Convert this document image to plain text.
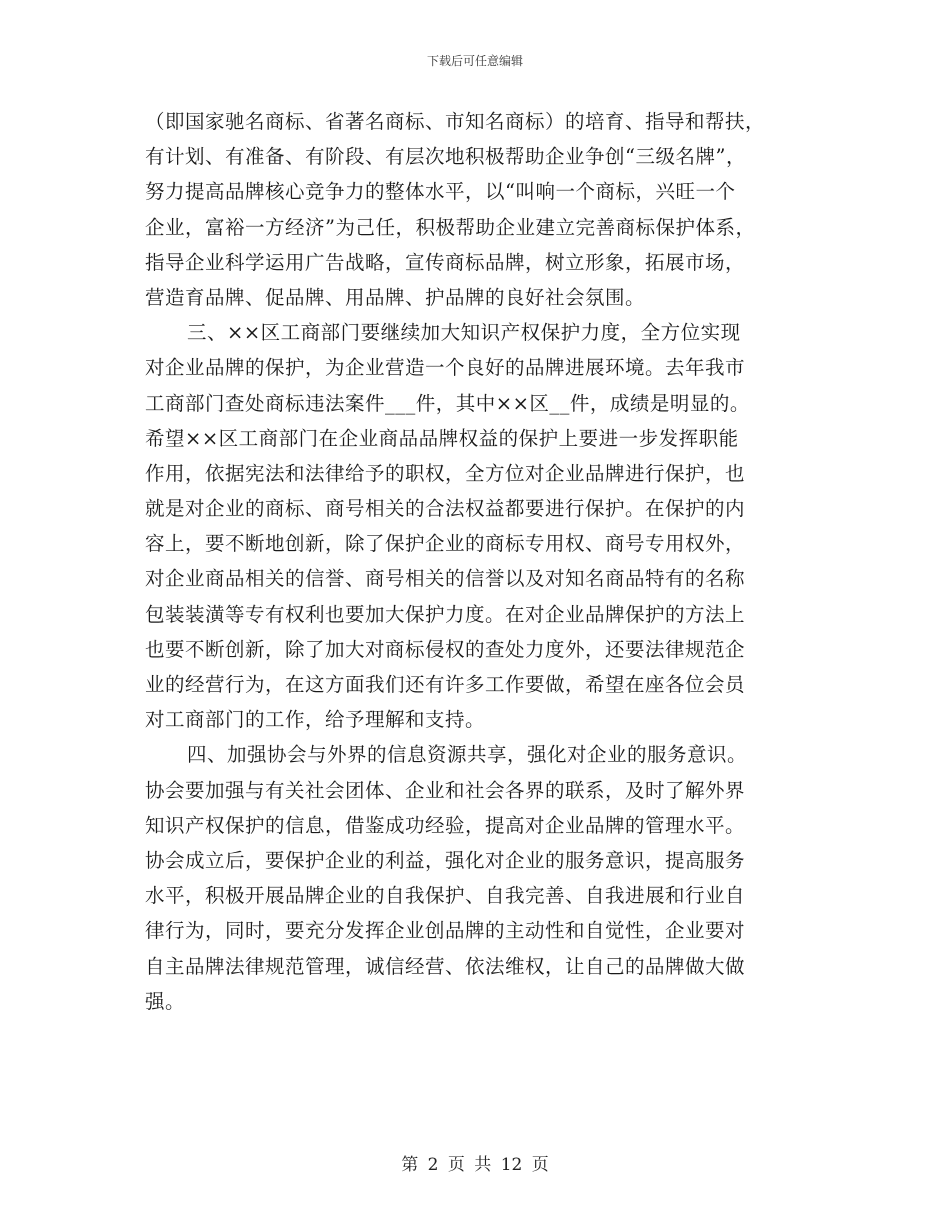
下载后可任意编辑
（即国家驰名商标、省著名商标、市知名商标）的培育、指导和帮扶，
有计划、有准备、有阶段、有层次地积极帮助企业争创“三级名牌”，
努力提高品牌核心竞争力的整体水平，以“叫响一个商标，兴旺一个
企业，富裕一方经济”为己任，积极帮助企业建立完善商标保护体系，
指导企业科学运用广告战略，宣传商标品牌，树立形象，拓展市场，
营造育品牌、促品牌、用品牌、护品牌的良好社会氛围。
三、××区工商部门要继续加大知识产权保护力度，全方位实现
对企业品牌的保护，为企业营造一个良好的品牌进展环境。去年我市
工商部门查处商标违法案件___件，其中××区__件，成绩是明显的。
希望××区工商部门在企业商品品牌权益的保护上要进一步发挥职能
作用，依据宪法和法律给予的职权，全方位对企业品牌进行保护，也
就是对企业的商标、商号相关的合法权益都要进行保护。在保护的内
容上，要不断地创新，除了保护企业的商标专用权、商号专用权外，
对企业商品相关的信誉、商号相关的信誉以及对知名商品特有的名称
包装装潢等专有权利也要加大保护力度。在对企业品牌保护的方法上
也要不断创新，除了加大对商标侵权的查处力度外，还要法律规范企
业的经营行为，在这方面我们还有许多工作要做，希望在座各位会员
对工商部门的工作，给予理解和支持。
四、加强协会与外界的信息资源共享，强化对企业的服务意识。
协会要加强与有关社会团体、企业和社会各界的联系，及时了解外界
知识产权保护的信息，借鉴成功经验，提高对企业品牌的管理水平。
协会成立后，要保护企业的利益，强化对企业的服务意识，提高服务
水平，积极开展品牌企业的自我保护、自我完善、自我进展和行业自
律行为，同时，要充分发挥企业创品牌的主动性和自觉性，企业要对
自主品牌法律规范管理，诚信经营、依法维权，让自己的品牌做大做
强。
第 2 页 共 12 页
